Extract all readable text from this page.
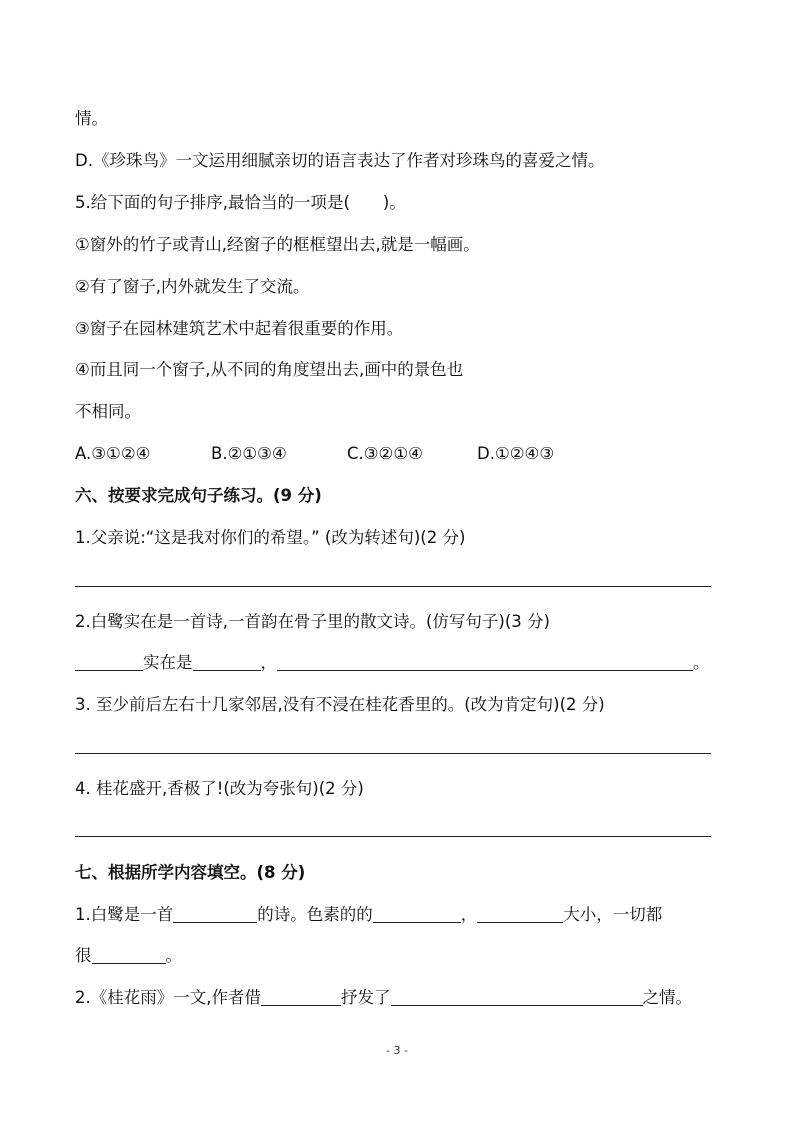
情。
D.《珍珠鸟》一文运用细腻亲切的语言表达了作者对珍珠鸟的喜爱之情。
5.给下面的句子排序,最恰当的一项是(　　)。
①窗外的竹子或青山,经窗子的框框望出去,就是一幅画。
②有了窗子,内外就发生了交流。
③窗子在园林建筑艺术中起着很重要的作用。
④而且同一个窗子,从不同的角度望出去,画中的景色也
不相同。
A.③①②④	B.②①③④	C.③②①④	D.①②④③
六、按要求完成句子练习。(9 分)
1.父亲说:“这是我对你们的希望。” (改为转述句)(2 分)
2.白鹭实在是一首诗,一首韵在骨子里的散文诗。(仿写句子)(3 分)
实在是	，	。
3. 至少前后左右十几家邻居,没有不浸在桂花香里的。(改为肯定句)(2 分)
4. 桂花盛开,香极了!(改为夸张句)(2 分)
七、根据所学内容填空。(8 分)
1.白鹭是一首	的诗。色素的的	，	大小，一切都
很	。
2.《桂花雨》一文,作者借	抒发了	之情。
- 3 -
